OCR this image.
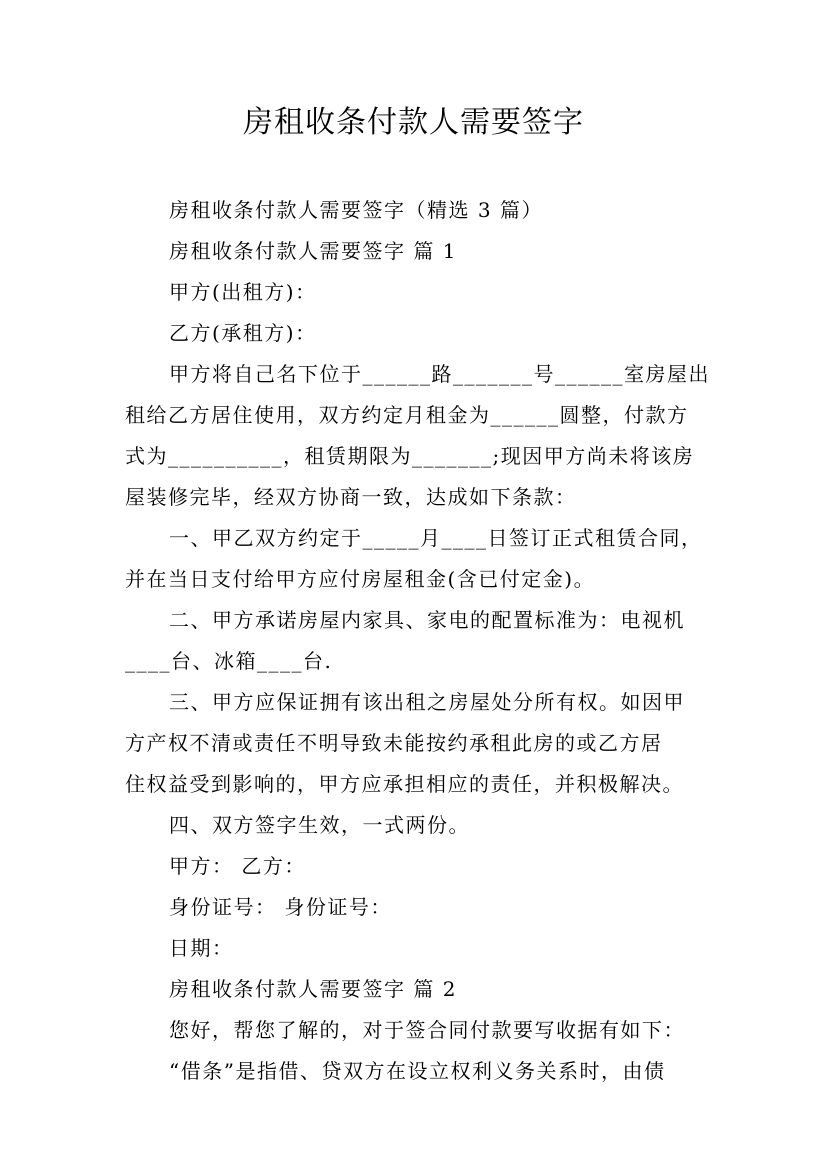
房租收条付款人需要签字
房租收条付款人需要签字（精选 3 篇）
房租收条付款人需要签字 篇 1
甲方(出租方)：
乙方(承租方)：
甲方将自己名下位于______路_______号______室房屋出
租给乙方居住使用，双方约定月租金为______圆整，付款方
式为__________，租赁期限为_______;现因甲方尚未将该房
屋装修完毕，经双方协商一致，达成如下条款：
一、甲乙双方约定于_____月____日签订正式租赁合同，
并在当日支付给甲方应付房屋租金(含已付定金)。
二、甲方承诺房屋内家具、家电的配置标准为：电视机
____台、冰箱____台.
三、甲方应保证拥有该出租之房屋处分所有权。如因甲
方产权不清或责任不明导致未能按约承租此房的或乙方居
住权益受到影响的，甲方应承担相应的责任，并积极解决。
四、双方签字生效，一式两份。
甲方： 乙方：
身份证号： 身份证号：
日期：
房租收条付款人需要签字 篇 2
您好，帮您了解的，对于签合同付款要写收据有如下：
“借条”是指借、贷双方在设立权利义务关系时，由债
